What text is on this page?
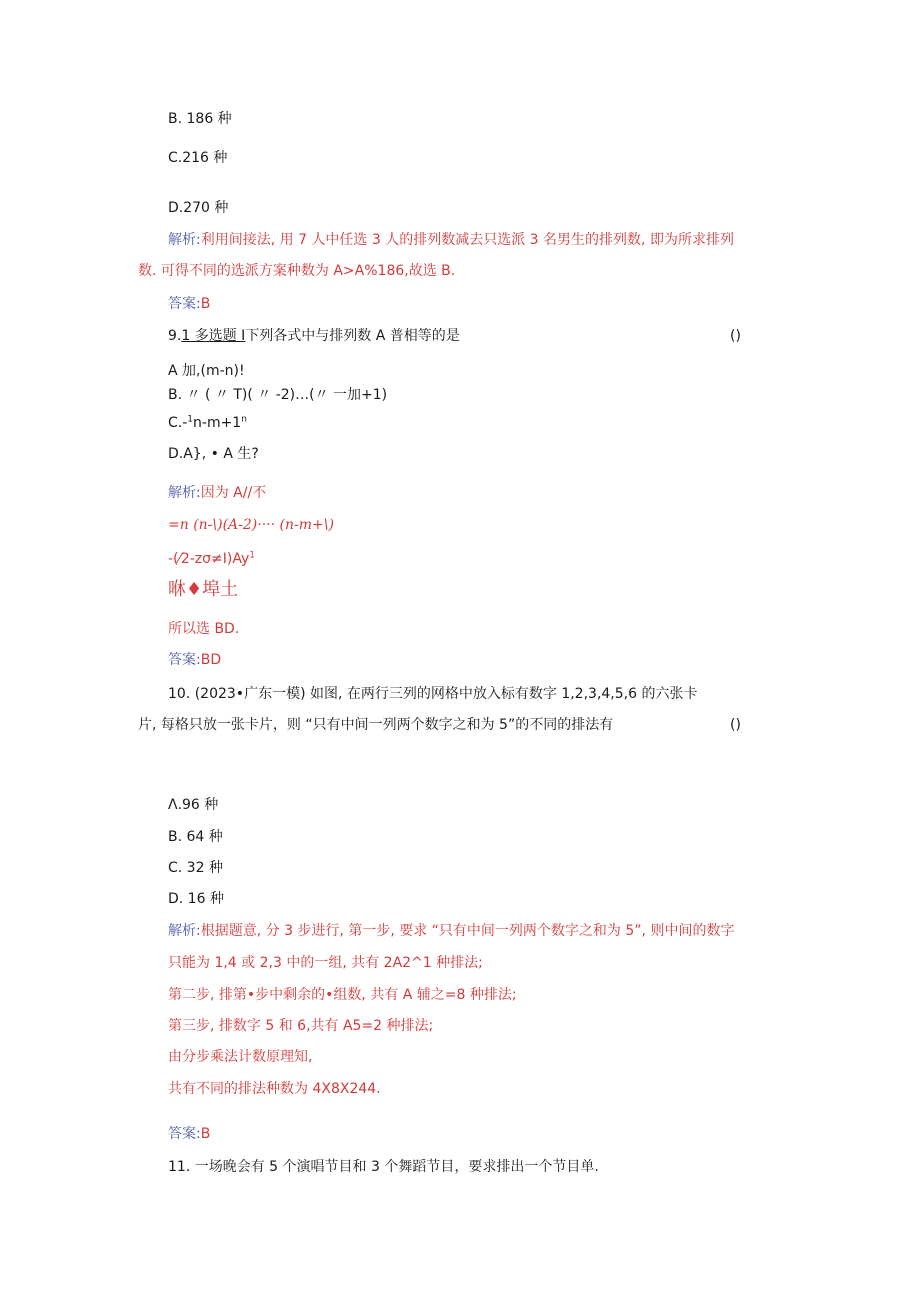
B. 186 种
C.216 种
D.270 种
解析:利用间接法, 用 7 人中任选 3 人的排列数减去只选派 3 名男生的排列数, 即为所求排列
数. 可得不同的选派方案种数为 A>A%186,故选 B.
答案:B
9.1 多选题 I下列各式中与排列数 A 普相等的是	()
A 加,(m-n)!
B. 〃 ( 〃 T)( 〃 -2)…(〃 一加+1)
$C.-^1n-m+1^n$
D.A}, • A 生?
解析:因为 A//不
=n (n-\)(A-2)···· (n-m+\)
$-(⁄2-z\sigma\ne I)Ay^1$
咻♦埠土
所以选 BD.
答案:BD
10. (2023•广东一模) 如图, 在两行三列的网格中放入标有数字 1,2,3,4,5,6 的六张卡
片, 每格只放一张卡片，则 “只有中间一列两个数字之和为 5”的不同的排法有	()
Λ.96 种
B. 64 种
C. 32 种
D. 16 种
解析:根据题意, 分 3 步进行, 第一步, 要求 “只有中间一列两个数字之和为 5”, 则中间的数字
只能为 1,4 或 2,3 中的一组, 共有 2A2^1 种排法;
第二步, 排第•步中剩余的•组数, 共有 A 辅之=8 种排法;
第三步, 排数字 5 和 6,共有 A5=2 种排法;
由分步乘法计数原理知,
共有不同的排法种数为 4X8X244.
答案:B
11. 一场晚会有 5 个演唱节目和 3 个舞蹈节目，要求排出一个节目单.
